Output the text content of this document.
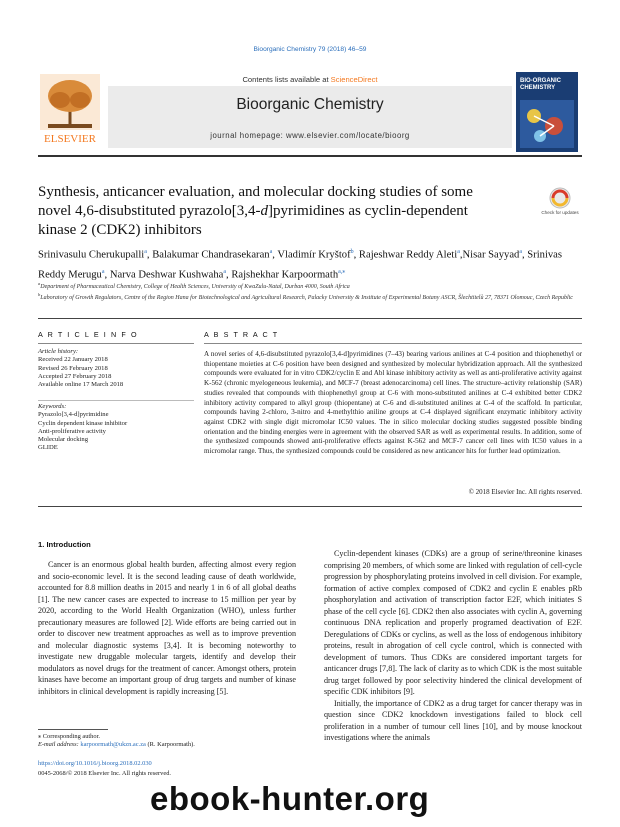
Bioorganic Chemistry 79 (2018) 46–59
ELSEVIER
Contents lists available at ScienceDirect
Bioorganic Chemistry
journal homepage: www.elsevier.com/locate/bioorg
BIO-ORGANIC CHEMISTRY
Synthesis, anticancer evaluation, and molecular docking studies of some novel 4,6-disubstituted pyrazolo[3,4-d]pyrimidines as cyclin-dependent kinase 2 (CDK2) inhibitors
Check for updates
Srinivasulu Cherukupalli$^a$, Balakumar Chandrasekaran$^a$, Vladimír Kryštof$^b$, Rajeshwar Reddy Aleti$^a$,Nisar Sayyad$^a$, Srinivas Reddy Merugu$^a$, Narva Deshwar Kushwaha$^a$, Rajshekhar Karpoormath$^{a,⁎}$
$^a$Department of Pharmaceutical Chemistry, College of Health Sciences, University of KwaZulu-Natal, Durban 4000, South Africa
$^b$Laboratory of Growth Regulators, Centre of the Region Hana for Biotechnological and Agricultural Research, Palacky University & Institute of Experimental Botany ASCR, Šlechtitelů 27, 78371 Olomouc, Czech Republic
A R T I C L E I N F O	A B S T R A C T
Article history:
Received 22 January 2018
Revised 26 February 2018
Accepted 27 February 2018
Available online 17 March 2018
Keywords:
Pyrazolo[3,4-d]pyrimidine
Cyclin dependent kinase inhibitor
Anti-proliferative activity
Molecular docking
GLIDE
A novel series of 4,6-disubstituted pyrazolo[3,4-d]pyrimidines (7–43) bearing various anilines at C-4 position and thiophenethyl or thiopentane moieties at C-6 position have been designed and synthesized by molecular hybridization approach. All the synthesized compounds were evaluated for in vitro CDK2/cyclin E and Abl kinase inhibitory activity as well as anti-proliferative activity against K-562 (chronic myelogeneous leukemia), and MCF-7 (breast adenocarcinoma) cell lines. The structure–activity relationship (SAR) studies revealed that compounds with thiophenethyl group at C-6 with mono-substituted anilines at C-4 exhibited better CDK2 inhibitory activity compared to alkyl group (thiopentane) at C-6 and di-substituted anilines at C-4 of the scaffold. In particular, compounds having 2-chloro, 3-nitro and 4-methylthio aniline groups at C-4 displayed significant enzymatic inhibitory activity against CDK2 with single digit micromolar IC50 values. The in silico molecular docking studies suggested possible binding orientation and the binding energies were in agreement with the observed SAR as well as experimental results. In addition, some of the synthesized compounds showed anti-proliferative effects against K-562 and MCF-7 cancer cell lines with IC50 values in a micromolar range. Thus, the synthesized compounds could be considered as new anticancer hits for further lead optimization.
© 2018 Elsevier Inc. All rights reserved.
1. Introduction

Cancer is an enormous global health burden, affecting almost every region and socio-economic level. It is the second leading cause of death worldwide, accounted for 8.8 million deaths in 2015 and nearly 1 in 6 of all global deaths [1]. The new cancer cases are expected to increase to 15 million per year by 2020, according to the World Health Organization (WHO), unless further precautionary measures are followed [2]. Wide efforts are being carried out in order to discover new treatment approaches as well as to improve prevention and molecular diagnostic systems [3,4]. It is becoming noteworthy to investigate new druggable molecular targets, identify and develop their modulators as novel drugs for the treatment of cancer. Amongst others, protein kinases have become an important group of drug targets and number of kinase inhibitors in clinical development is rapidly increasing [5].

Cyclin-dependent kinases (CDKs) are a group of serine/threonine kinases comprising 20 members, of which some are linked with regulation of cell-cycle progression by phosphorylating proteins involved in cell division. For example, formation of active complex composed of CDK2 and cyclin E enables pRb phosphorylation and activation of transcription factor E2F, which initiates S phase of the cell cycle [6]. CDK2 then also associates with cyclin A, governing continuous DNA replication and properly programed deactivation of E2F. Deregulations of CDKs or cyclins, as well as the loss of endogenous inhibitory proteins, result in abrogation of cell cycle control, which is connected with development of tumors. Thus CDKs are considered important targets for anticancer drugs [7,8]. The lack of clarity as to which CDK is the most suitable drug target followed by poor selectivity hindered the clinical development of specific CDK inhibitors [9].

Initially, the importance of CDK2 as a drug target for cancer therapy was in question since CDK2 knockdown investigations failed to block cell proliferation in a number of tumour cell lines [10], and by mouse knockout investigations where the animals

⁎ Corresponding author.
E-mail address: karpoormath@ukzn.ac.za (R. Karpoormath).
https://doi.org/10.1016/j.bioorg.2018.02.030
0045-2068/© 2018 Elsevier Inc. All rights reserved.
ebook-hunter.org
